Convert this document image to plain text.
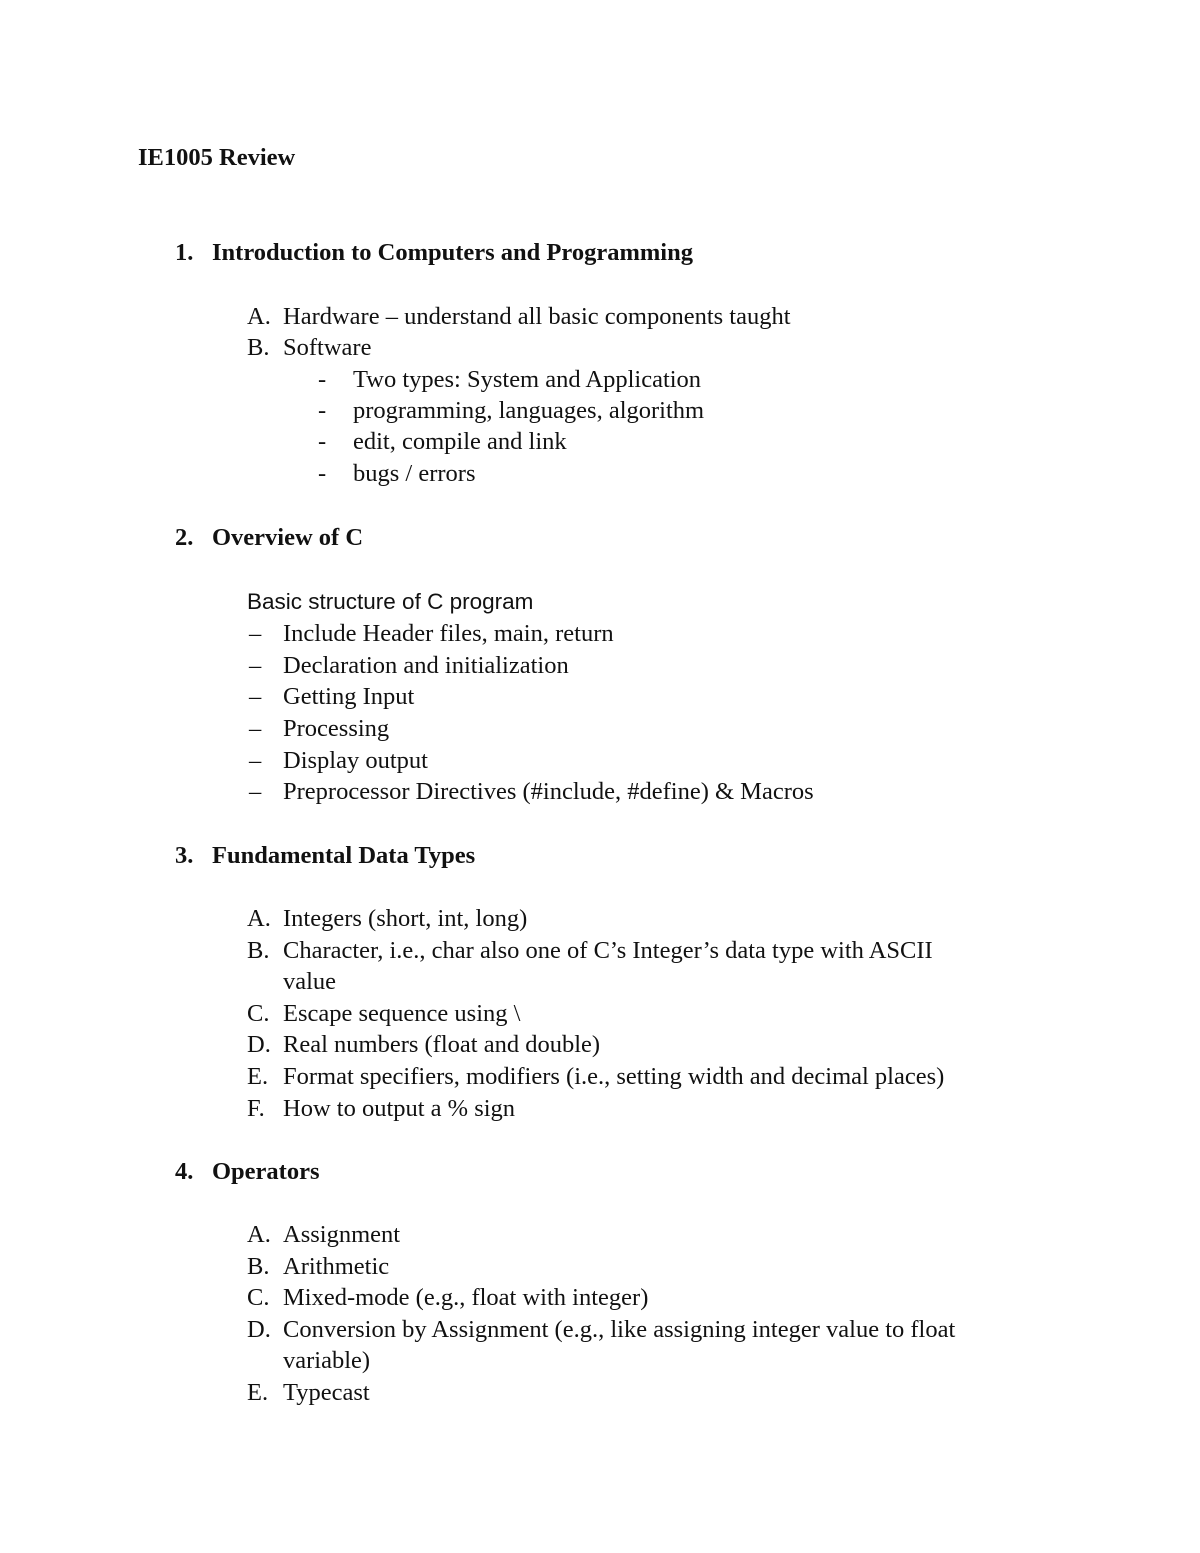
IE1005 Review
1. Introduction to Computers and Programming
A. Hardware – understand all basic components taught
B. Software
- Two types: System and Application
- programming, languages, algorithm
- edit, compile and link
- bugs / errors
2. Overview of C
Basic structure of C program
– Include Header files, main, return
– Declaration and initialization
– Getting Input
– Processing
– Display output
– Preprocessor Directives (#include, #define) & Macros
3. Fundamental Data Types
A. Integers (short, int, long)
B. Character, i.e., char also one of C’s Integer’s data type with ASCII
value
C. Escape sequence using \
D. Real numbers (float and double)
E. Format specifiers, modifiers (i.e., setting width and decimal places)
F. How to output a % sign
4. Operators
A. Assignment
B. Arithmetic
C. Mixed-mode (e.g., float with integer)
D. Conversion by Assignment (e.g., like assigning integer value to float
variable)
E. Typecast
